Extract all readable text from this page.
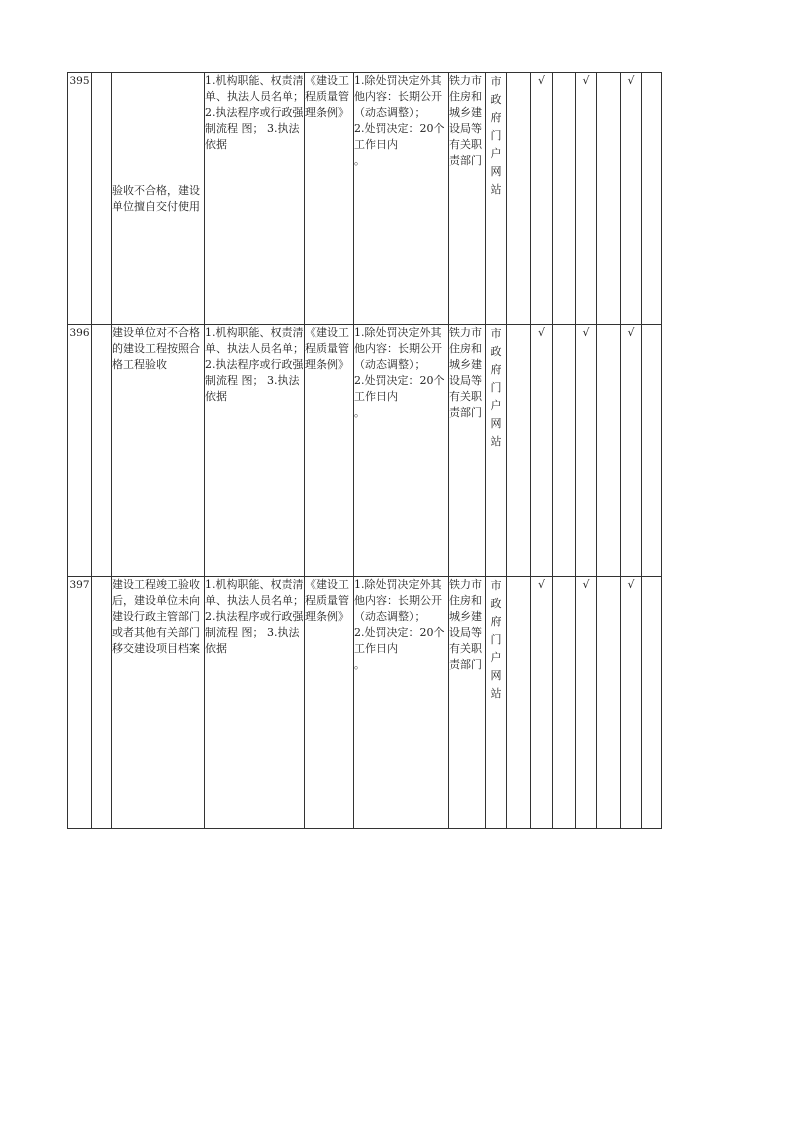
395		验收不合格，建设单位擅自交付使用	1.机构职能、权责清单、执法人员名单； 2.执法程序或行政强制流程 图； 3.执法依据	《建设工程质量管理条例》	1.除处罚决定外其他内容：长期公开
（动态调整）；
2.处罚决定：20个工作日内
。	铁力市住房和城乡建设局等有关职责部门	市政府门户网站		√		√		√	
396		建设单位对不合格的建设工程按照合格工程验收	1.机构职能、权责清单、执法人员名单； 2.执法程序或行政强制流程 图； 3.执法依据	《建设工程质量管理条例》	1.除处罚决定外其他内容：长期公开
（动态调整）；
2.处罚决定：20个工作日内
。	铁力市住房和城乡建设局等有关职责部门	市政府门户网站		√		√		√	
397		建设工程竣工验收后，建设单位未向建设行政主管部门或者其他有关部门移交建设项目档案	1.机构职能、权责清单、执法人员名单； 2.执法程序或行政强制流程 图； 3.执法依据	《建设工程质量管理条例》	1.除处罚决定外其他内容：长期公开
（动态调整）；
2.处罚决定：20个工作日内
。	铁力市住房和城乡建设局等有关职责部门	市政府门户网站		√		√		√	
